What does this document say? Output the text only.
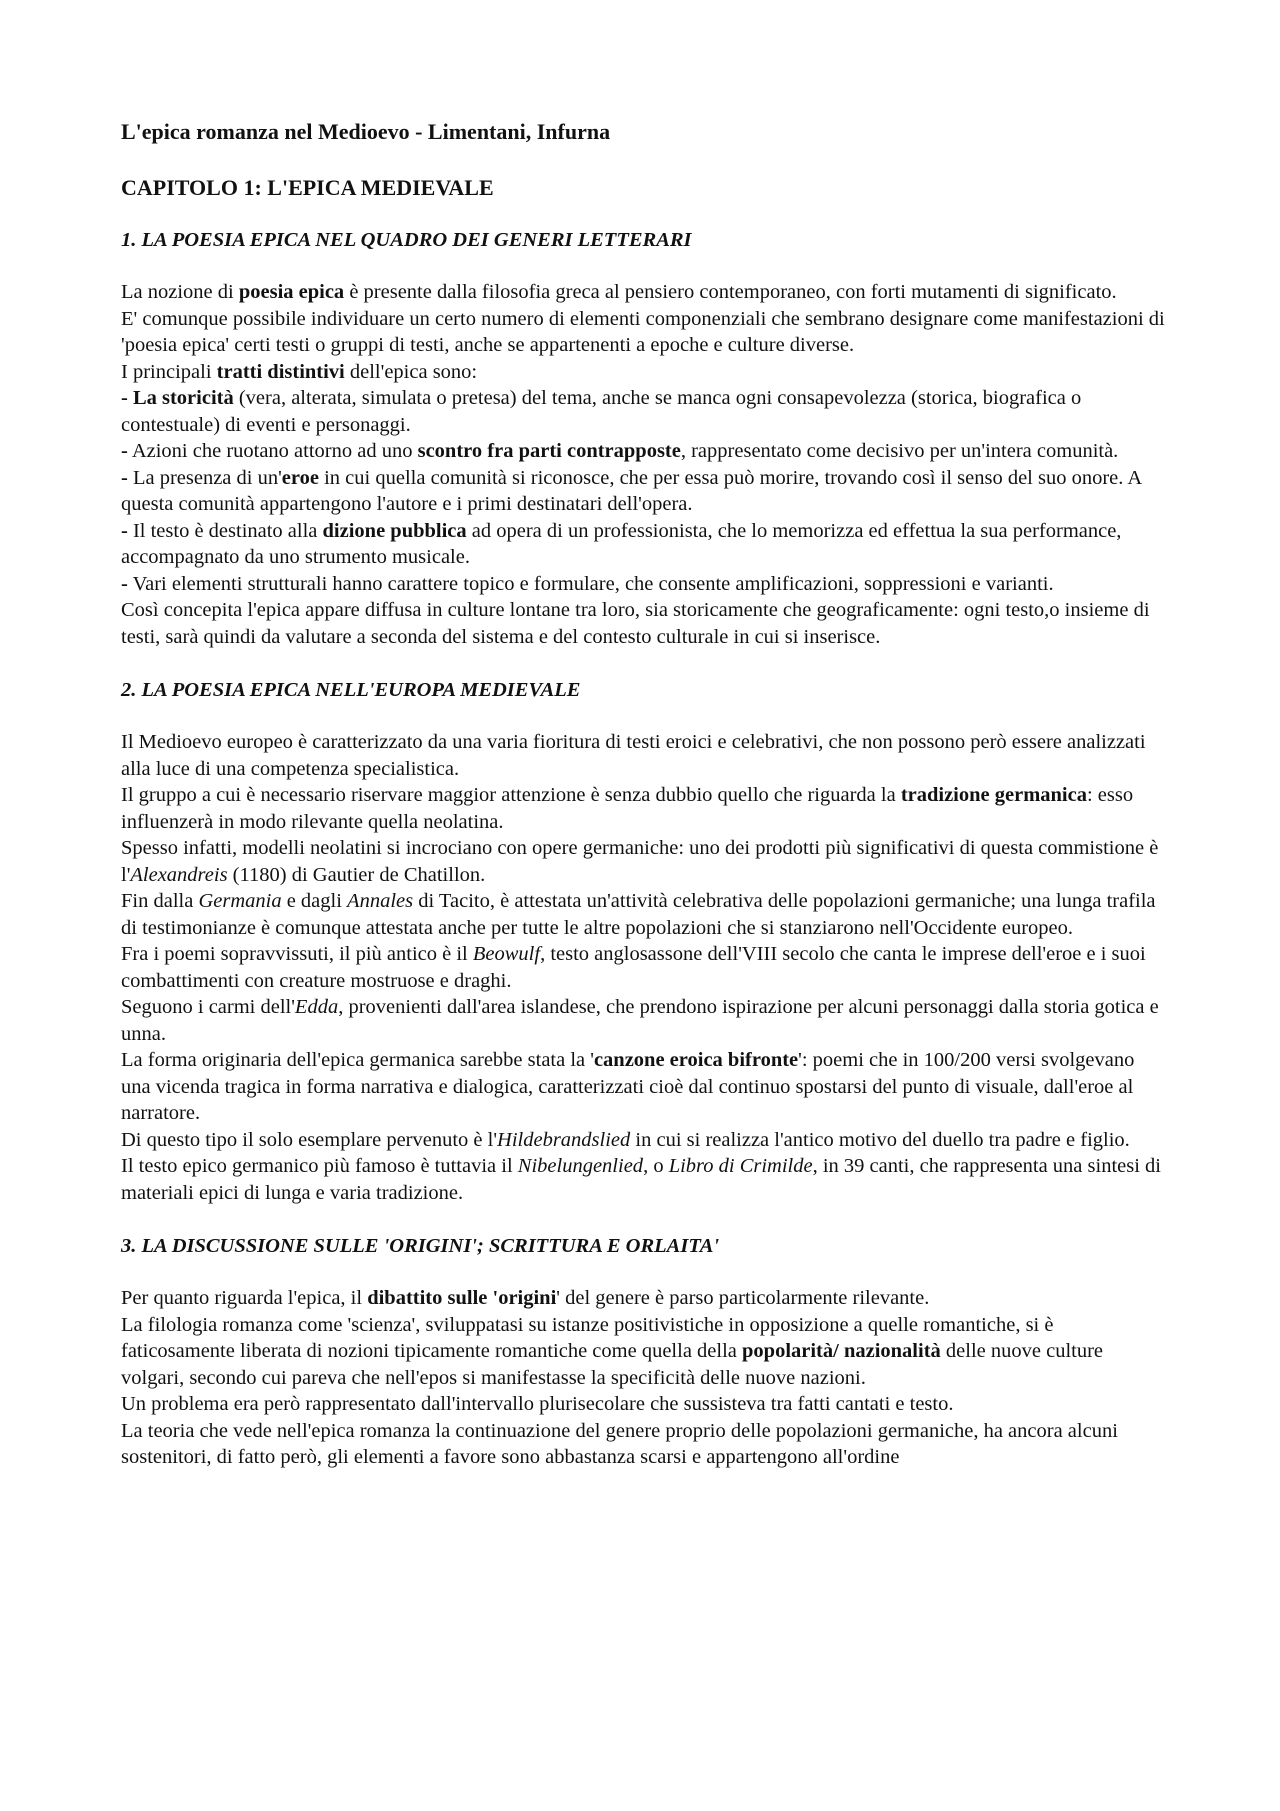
L'epica romanza nel Medioevo - Limentani, Infurna
CAPITOLO 1: L'EPICA MEDIEVALE
1. LA POESIA EPICA NEL QUADRO DEI GENERI LETTERARI

La nozione di poesia epica è presente dalla filosofia greca al pensiero contemporaneo, con forti mutamenti di significato.

E' comunque possibile individuare un certo numero di elementi componenziali che sembrano designare come manifestazioni di 'poesia epica' certi testi o gruppi di testi, anche se appartenenti a epoche e culture diverse.

I principali tratti distintivi dell'epica sono:

- La storicità (vera, alterata, simulata o pretesa) del tema, anche se manca ogni consapevolezza (storica, biografica o contestuale) di eventi e personaggi.

- Azioni che ruotano attorno ad uno scontro fra parti contrapposte, rappresentato come decisivo per un'intera comunità.

- La presenza di un'eroe in cui quella comunità si riconosce, che per essa può morire, trovando così il senso del suo onore. A questa comunità appartengono l'autore e i primi destinatari dell'opera.

- Il testo è destinato alla dizione pubblica ad opera di un professionista, che lo memorizza ed effettua la sua performance, accompagnato da uno strumento musicale.

- Vari elementi strutturali hanno carattere topico e formulare, che consente amplificazioni, soppressioni e varianti.

Così concepita l'epica appare diffusa in culture lontane tra loro, sia storicamente che geograficamente: ogni testo,o insieme di testi, sarà quindi da valutare a seconda del sistema e del contesto culturale in cui si inserisce.

2. LA POESIA EPICA NELL'EUROPA MEDIEVALE

Il Medioevo europeo è caratterizzato da una varia fioritura di testi eroici e celebrativi, che non possono però essere analizzati alla luce di una competenza specialistica.

Il gruppo a cui è necessario riservare maggior attenzione è senza dubbio quello che riguarda la tradizione germanica: esso influenzerà in modo rilevante quella neolatina.

Spesso infatti, modelli neolatini si incrociano con opere germaniche: uno dei prodotti più significativi di questa commistione è l'Alexandreis (1180) di Gautier de Chatillon.

Fin dalla Germania e dagli Annales di Tacito, è attestata un'attività celebrativa delle popolazioni germaniche; una lunga trafila di testimonianze è comunque attestata anche per tutte le altre popolazioni che si stanziarono nell'Occidente europeo.

Fra i poemi sopravvissuti, il più antico è il Beowulf, testo anglosassone dell'VIII secolo che canta le imprese dell'eroe e i suoi combattimenti con creature mostruose e draghi.

Seguono i carmi dell'Edda, provenienti dall'area islandese, che prendono ispirazione per alcuni personaggi dalla storia gotica e unna.

La forma originaria dell'epica germanica sarebbe stata la 'canzone eroica bifronte': poemi che in 100/200 versi svolgevano una vicenda tragica in forma narrativa e dialogica, caratterizzati cioè dal continuo spostarsi del punto di visuale, dall'eroe al narratore.

Di questo tipo il solo esemplare pervenuto è l'Hildebrandslied in cui si realizza l'antico motivo del duello tra padre e figlio.

Il testo epico germanico più famoso è tuttavia il Nibelungenlied, o Libro di Crimilde, in 39 canti, che rappresenta una sintesi di materiali epici di lunga e varia tradizione.

3. LA DISCUSSIONE SULLE 'ORIGINI'; SCRITTURA E ORLAITA'

Per quanto riguarda l'epica, il dibattito sulle 'origini' del genere è parso particolarmente rilevante.

La filologia romanza come 'scienza', sviluppatasi su istanze positivistiche in opposizione a quelle romantiche, si è faticosamente liberata di nozioni tipicamente romantiche come quella della popolarità/ nazionalità delle nuove culture volgari, secondo cui pareva che nell'epos si manifestasse la specificità delle nuove nazioni.

Un problema era però rappresentato dall'intervallo plurisecolare che sussisteva tra fatti cantati e testo.

La teoria che vede nell'epica romanza la continuazione del genere proprio delle popolazioni germaniche, ha ancora alcuni sostenitori, di fatto però, gli elementi a favore sono abbastanza scarsi e appartengono all'ordine
